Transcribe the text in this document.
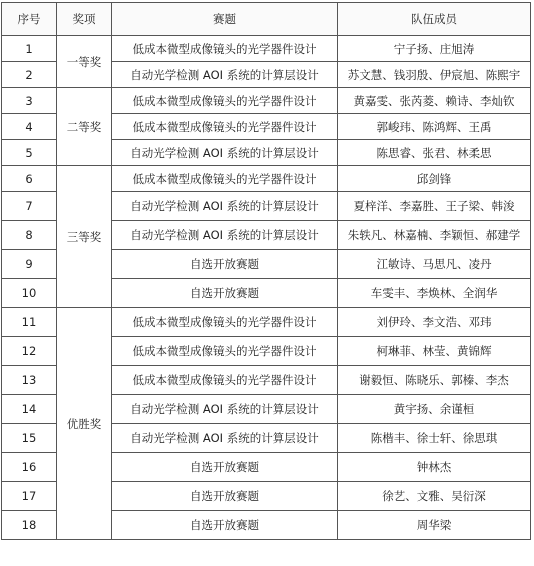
序号	奖项	赛题	队伍成员
1	一等奖	低成本微型成像镜头的光学器件设计	宁子扬、庄旭涛
2		自动光学检测 AOI 系统的计算层设计	苏文慧、钱羽殷、伊宸旭、陈熙宇
3	二等奖	低成本微型成像镜头的光学器件设计	黄嘉雯、张芮菱、赖诗、李灿钦
4		低成本微型成像镜头的光学器件设计	郭峻玮、陈鸿辉、王禹
5		自动光学检测 AOI 系统的计算层设计	陈思睿、张君、林柔思
6	三等奖	低成本微型成像镜头的光学器件设计	邱剑锋
7		自动光学检测 AOI 系统的计算层设计	夏梓洋、李嘉胜、王子梁、韩浚
8		自动光学检测 AOI 系统的计算层设计	朱轶凡、林嘉楠、李颖恒、郝建学
9		自选开放赛题	江敏诗、马思凡、凌丹
10		自选开放赛题	车雯丰、李焕林、全润华
11	优胜奖	低成本微型成像镜头的光学器件设计	刘伊玲、李文浩、邓玮
12		低成本微型成像镜头的光学器件设计	柯琳菲、林莹、黄锦辉
13		低成本微型成像镜头的光学器件设计	谢毅恒、陈晓乐、郭榛、李杰
14		自动光学检测 AOI 系统的计算层设计	黄宇扬、余谨桓
15		自动光学检测 AOI 系统的计算层设计	陈楷丰、徐士轩、徐思琪
16		自选开放赛题	钟林杰
17		自选开放赛题	徐艺、文雅、吴衍深
18		自选开放赛题	周华梁
